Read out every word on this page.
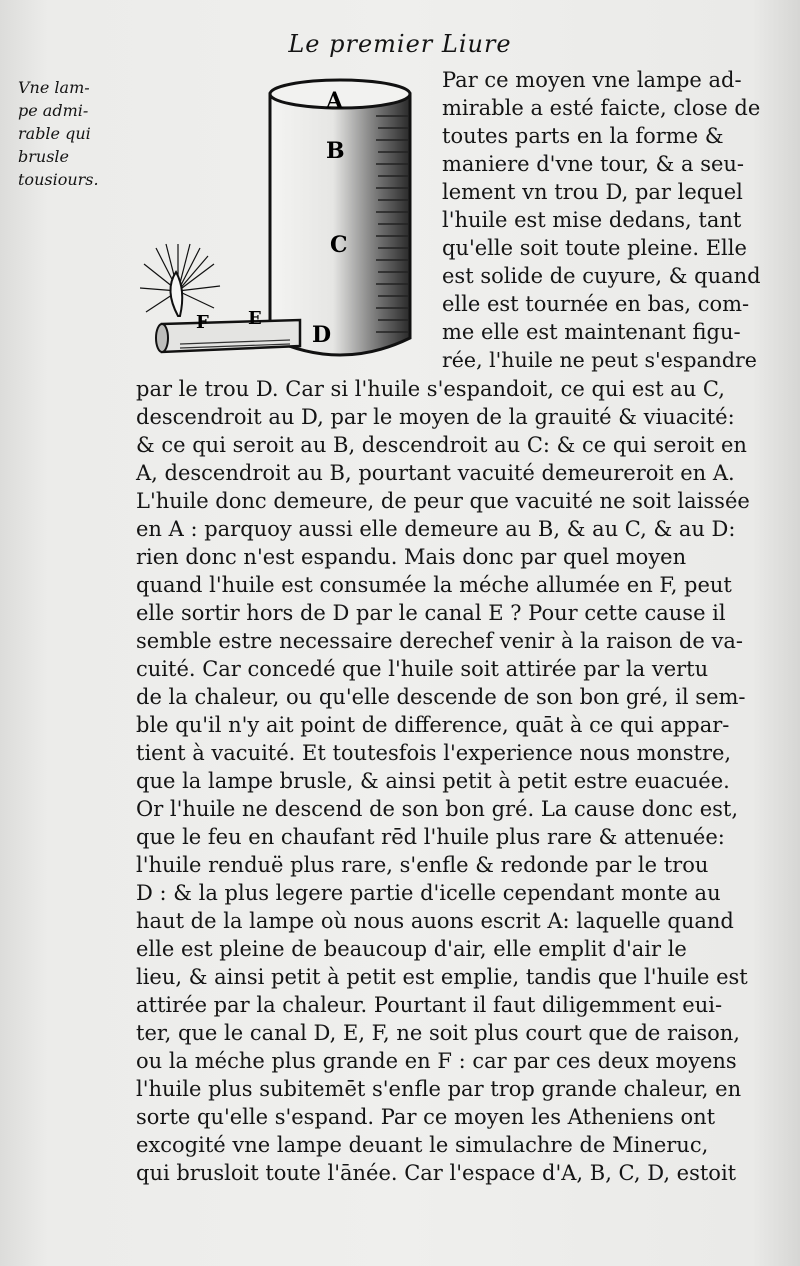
Le premier Liure
Vne lam-
pe admi-
rable qui
brusle
tousiours.
A
B
C
D
E
F
Par ce moyen vne lampe ad-
mirable a esté faicte, close de
toutes parts en la forme &
maniere d'vne tour, & a seu-
lement vn trou D, par lequel
l'huile est mise dedans, tant
qu'elle soit toute pleine. Elle
est solide de cuyure, & quand
elle est tournée en bas, com-
me elle est maintenant figu-
rée, l'huile ne peut s'espandre
par le trou D. Car si l'huile s'espandoit, ce qui est au C,
descendroit au D, par le moyen de la grauité & viuacité:
& ce qui seroit au B, descendroit au C: & ce qui seroit en
A, descendroit au B, pourtant vacuité demeureroit en A.
L'huile donc demeure, de peur que vacuité ne soit laissée
en A : parquoy aussi elle demeure au B, & au C, & au D:
rien donc n'est espandu. Mais donc par quel moyen
quand l'huile est consumée la méche allumée en F, peut
elle sortir hors de D par le canal E ? Pour cette cause il
semble estre necessaire derechef venir à la raison de va-
cuité. Car concedé que l'huile soit attirée par la vertu
de la chaleur, ou qu'elle descende de son bon gré, il sem-
ble qu'il n'y ait point de difference, quāt à ce qui appar-
tient à vacuité. Et toutesfois l'experience nous monstre,
que la lampe brusle, & ainsi petit à petit estre euacuée.
Or l'huile ne descend de son bon gré. La cause donc est,
que le feu en chaufant rēd l'huile plus rare & attenuée:
l'huile renduë plus rare, s'enfle & redonde par le trou
D : & la plus legere partie d'icelle cependant monte au
haut de la lampe où nous auons escrit A: laquelle quand
elle est pleine de beaucoup d'air, elle emplit d'air le
lieu, & ainsi petit à petit est emplie, tandis que l'huile est
attirée par la chaleur. Pourtant il faut diligemment eui-
ter, que le canal D, E, F, ne soit plus court que de raison,
ou la méche plus grande en F : car par ces deux moyens
l'huile plus subitemēt s'enfle par trop grande chaleur, en
sorte qu'elle s'espand. Par ce moyen les Atheniens ont
excogité vne lampe deuant le simulachre de Mineruc,
qui brusloit toute l'ānée. Car l'espace d'A, B, C, D, estoit
